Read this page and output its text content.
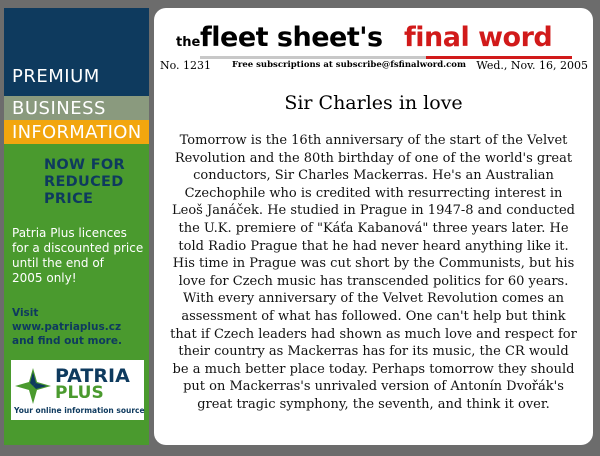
PREMIUM
BUSINESS
INFORMATION
NOW FOR
REDUCED
PRICE
Patria Plus licences
for a discounted price
until the end of
2005 only!
Visit www.patriaplus.cz
and find out more.
PATRIA
PLUS
Your online information source
the fleet sheet's final word
No. 1231 Free subscriptions at subscribe@fsfinalword.com Wed., Nov. 16, 2005
Sir Charles in love
Tomorrow is the 16th anniversary of the start of the Velvet
Revolution and the 80th birthday of one of the world's great
conductors, Sir Charles Mackerras. He's an Australian
Czechophile who is credited with resurrecting interest in
Leoš Janáček. He studied in Prague in 1947-8 and conducted
the U.K. premiere of "Káťa Kabanová" three years later. He
told Radio Prague that he had never heard anything like it.
His time in Prague was cut short by the Communists, but his
love for Czech music has transcended politics for 60 years.
With every anniversary of the Velvet Revolution comes an
assessment of what has followed. One can't help but think
that if Czech leaders had shown as much love and respect for
their country as Mackerras has for its music, the CR would
be a much better place today. Perhaps tomorrow they should
put on Mackerras's unrivaled version of Antonín Dvořák's
great tragic symphony, the seventh, and think it over.
